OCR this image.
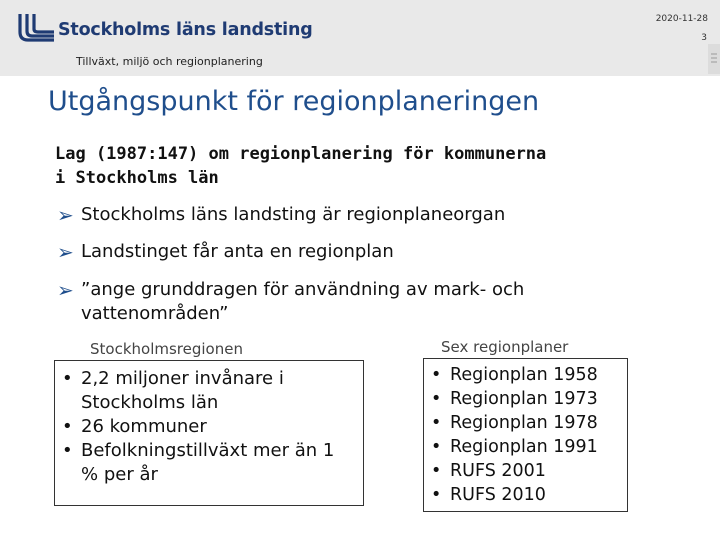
Stockholms läns landsting
2020-11-28
3
Tillväxt, miljö och regionplanering
Utgångspunkt för regionplaneringen
Lag (1987:147) om regionplanering för kommunerna
i Stockholms län
➢ Stockholms läns landsting är regionplaneorgan
➢ Landstinget får anta en regionplan
➢ ”ange grunddragen för användning av mark- och vattenområden”
Stockholmsregionen
• 2,2 miljoner invånare i Stockholms län
• 26 kommuner
• Befolkningstillväxt mer än 1 % per år
Sex regionplaner
• Regionplan 1958
• Regionplan 1973
• Regionplan 1978
• Regionplan 1991
• RUFS 2001
• RUFS 2010
